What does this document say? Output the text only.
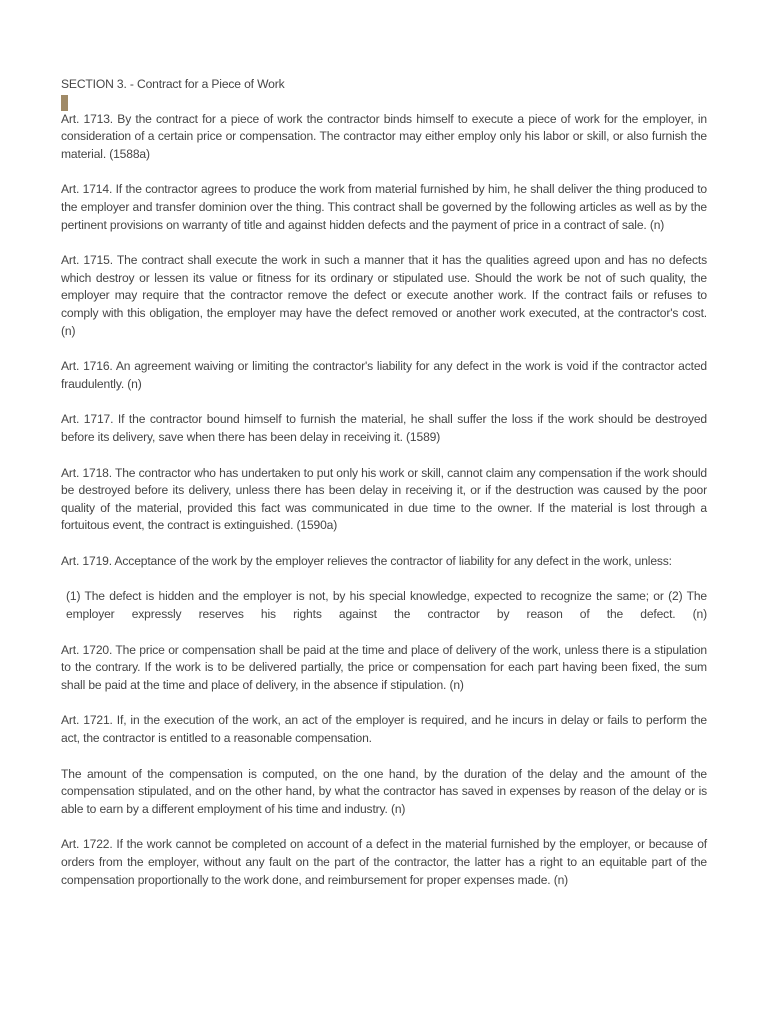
SECTION 3. - Contract for a Piece of Work

Art. 1713. By the contract for a piece of work the contractor binds himself to execute a piece of work for the employer, in consideration of a certain price or compensation. The contractor may either employ only his labor or skill, or also furnish the material. (1588a)

Art. 1714. If the contractor agrees to produce the work from material furnished by him, he shall deliver the thing produced to the employer and transfer dominion over the thing. This contract shall be governed by the following articles as well as by the pertinent provisions on warranty of title and against hidden defects and the payment of price in a contract of sale. (n)

Art. 1715. The contract shall execute the work in such a manner that it has the qualities agreed upon and has no defects which destroy or lessen its value or fitness for its ordinary or stipulated use. Should the work be not of such quality, the employer may require that the contractor remove the defect or execute another work. If the contract fails or refuses to comply with this obligation, the employer may have the defect removed or another work executed, at the contractor's cost. (n)

Art. 1716. An agreement waiving or limiting the contractor's liability for any defect in the work is void if the contractor acted fraudulently. (n)

Art. 1717. If the contractor bound himself to furnish the material, he shall suffer the loss if the work should be destroyed before its delivery, save when there has been delay in receiving it. (1589)

Art. 1718. The contractor who has undertaken to put only his work or skill, cannot claim any compensation if the work should be destroyed before its delivery, unless there has been delay in receiving it, or if the destruction was caused by the poor quality of the material, provided this fact was communicated in due time to the owner. If the material is lost through a fortuitous event, the contract is extinguished. (1590a)

Art. 1719. Acceptance of the work by the employer relieves the contractor of liability for any defect in the work, unless:

(1) The defect is hidden and the employer is not, by his special knowledge, expected to recognize the same; or (2) The employer expressly reserves his rights against the contractor by reason of the defect. (n)

Art. 1720. The price or compensation shall be paid at the time and place of delivery of the work, unless there is a stipulation to the contrary. If the work is to be delivered partially, the price or compensation for each part having been fixed, the sum shall be paid at the time and place of delivery, in the absence if stipulation. (n)

Art. 1721. If, in the execution of the work, an act of the employer is required, and he incurs in delay or fails to perform the act, the contractor is entitled to a reasonable compensation.

The amount of the compensation is computed, on the one hand, by the duration of the delay and the amount of the compensation stipulated, and on the other hand, by what the contractor has saved in expenses by reason of the delay or is able to earn by a different employment of his time and industry. (n)

Art. 1722. If the work cannot be completed on account of a defect in the material furnished by the employer, or because of orders from the employer, without any fault on the part of the contractor, the latter has a right to an equitable part of the compensation proportionally to the work done, and reimbursement for proper expenses made. (n)
